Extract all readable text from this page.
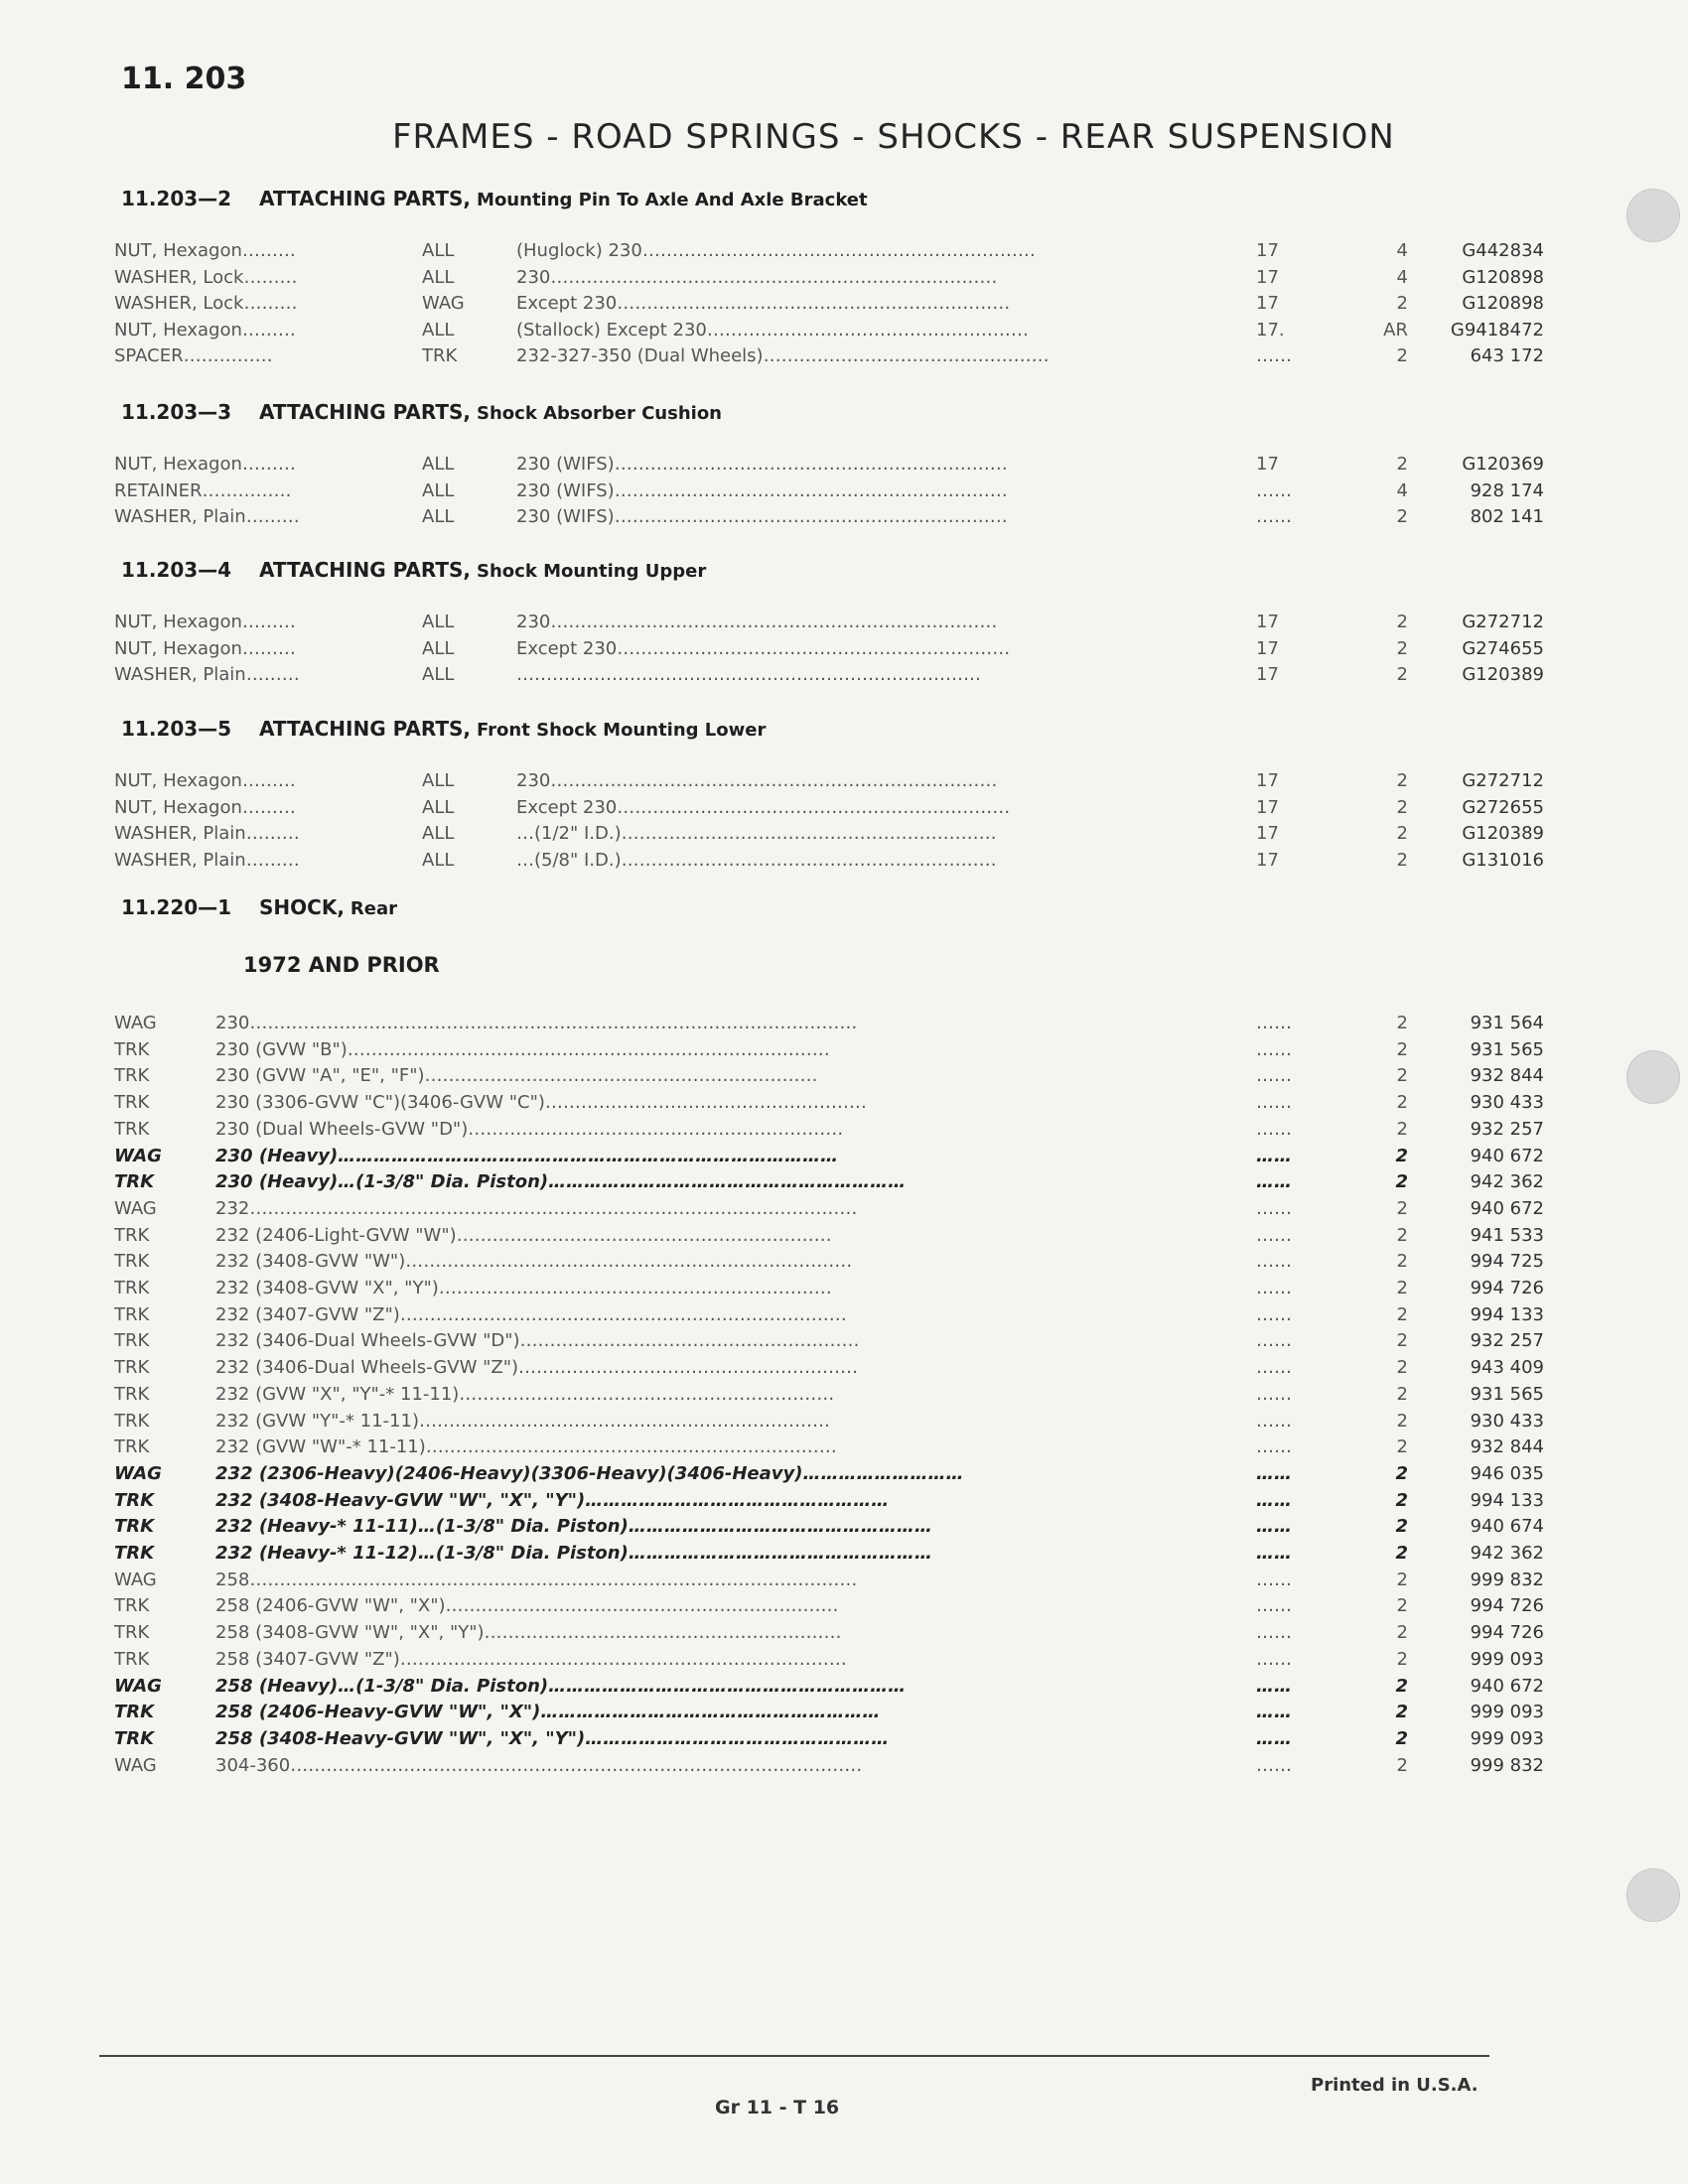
11. 203
FRAMES - ROAD SPRINGS - SHOCKS - REAR SUSPENSION
11.203—2 ATTACHING PARTS, Mounting Pin To Axle And Axle Bracket
NUT, Hexagon………	ALL	(Huglock) 230…………………………………………………………	17	4	G442834
WASHER, Lock………	ALL	230…………………………………………………………………	17	4	G120898
WASHER, Lock………	WAG	Except 230…………………………………………………………	17	2	G120898
NUT, Hexagon………	ALL	(Stallock) Except 230………………………………………………	17.	AR	G9418472
SPACER……………	TRK	232-327-350 (Dual Wheels)…………………………………………	……	2	643 172
11.203—3 ATTACHING PARTS, Shock Absorber Cushion
NUT, Hexagon………	ALL	230 (WIFS)…………………………………………………………	17	2	G120369
RETAINER……………	ALL	230 (WIFS)…………………………………………………………	……	4	928 174
WASHER, Plain………	ALL	230 (WIFS)…………………………………………………………	……	2	802 141
11.203—4 ATTACHING PARTS, Shock Mounting Upper
NUT, Hexagon………	ALL	230…………………………………………………………………	17	2	G272712
NUT, Hexagon………	ALL	Except 230…………………………………………………………	17	2	G274655
WASHER, Plain………	ALL	……………………………………………………………………	17	2	G120389
11.203—5 ATTACHING PARTS, Front Shock Mounting Lower
NUT, Hexagon………	ALL	230…………………………………………………………………	17	2	G272712
NUT, Hexagon………	ALL	Except 230…………………………………………………………	17	2	G272655
WASHER, Plain………	ALL	…(1/2" I.D.)………………………………………………………	17	2	G120389
WASHER, Plain………	ALL	…(5/8" I.D.)………………………………………………………	17	2	G131016
11.220—1 SHOCK, Rear
1972 AND PRIOR
WAG	230…………………………………………………………………………………………	……	2	931 564
TRK	230 (GVW "B")………………………………………………………………………	……	2	931 565
TRK	230 (GVW "A", "E", "F")…………………………………………………………	……	2	932 844
TRK	230 (3306-GVW "C")(3406-GVW "C")………………………………………………	……	2	930 433
TRK	230 (Dual Wheels-GVW "D")………………………………………………………	……	2	932 257
WAG	230 (Heavy)…………………………………………………………………………	……	2	940 672
TRK	230 (Heavy)…(1-3/8" Dia. Piston)……………………………………………………	……	2	942 362
WAG	232…………………………………………………………………………………………	……	2	940 672
TRK	232 (2406-Light-GVW "W")………………………………………………………	……	2	941 533
TRK	232 (3408-GVW "W")…………………………………………………………………	……	2	994 725
TRK	232 (3408-GVW "X", "Y")…………………………………………………………	……	2	994 726
TRK	232 (3407-GVW "Z")…………………………………………………………………	……	2	994 133
TRK	232 (3406-Dual Wheels-GVW "D")…………………………………………………	……	2	932 257
TRK	232 (3406-Dual Wheels-GVW "Z")…………………………………………………	……	2	943 409
TRK	232 (GVW "X", "Y"-* 11-11)………………………………………………………	……	2	931 565
TRK	232 (GVW "Y"-* 11-11)……………………………………………………………	……	2	930 433
TRK	232 (GVW "W"-* 11-11)……………………………………………………………	……	2	932 844
WAG	232 (2306-Heavy)(2406-Heavy)(3306-Heavy)(3406-Heavy)………………………	……	2	946 035
TRK	232 (3408-Heavy-GVW "W", "X", "Y")……………………………………………	……	2	994 133
TRK	232 (Heavy-* 11-11)…(1-3/8" Dia. Piston)……………………………………………	……	2	940 674
TRK	232 (Heavy-* 11-12)…(1-3/8" Dia. Piston)……………………………………………	……	2	942 362
WAG	258…………………………………………………………………………………………	……	2	999 832
TRK	258 (2406-GVW "W", "X")…………………………………………………………	……	2	994 726
TRK	258 (3408-GVW "W", "X", "Y")……………………………………………………	……	2	994 726
TRK	258 (3407-GVW "Z")…………………………………………………………………	……	2	999 093
WAG	258 (Heavy)…(1-3/8" Dia. Piston)……………………………………………………	……	2	940 672
TRK	258 (2406-Heavy-GVW "W", "X")…………………………………………………	……	2	999 093
TRK	258 (3408-Heavy-GVW "W", "X", "Y")……………………………………………	……	2	999 093
WAG	304-360……………………………………………………………………………………	……	2	999 832
Printed in U.S.A.
Gr 11 - T 16
